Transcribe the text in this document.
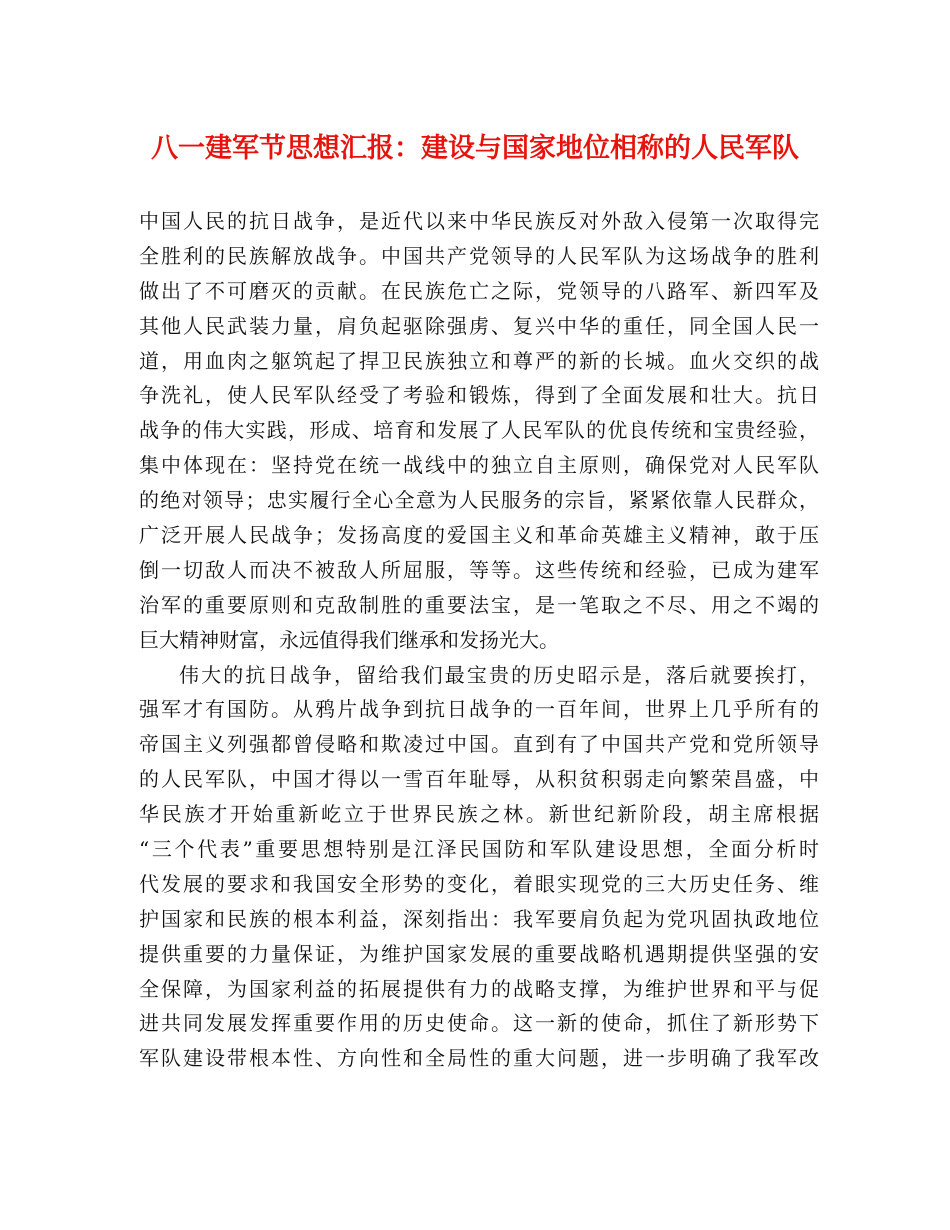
八一建军节思想汇报：建设与国家地位相称的人民军队

中国人民的抗日战争，是近代以来中华民族反对外敌入侵第一次取得完
全胜利的民族解放战争。中国共产党领导的人民军队为这场战争的胜利
做出了不可磨灭的贡献。在民族危亡之际，党领导的八路军、新四军及
其他人民武装力量，肩负起驱除强虏、复兴中华的重任，同全国人民一
道，用血肉之躯筑起了捍卫民族独立和尊严的新的长城。血火交织的战
争洗礼，使人民军队经受了考验和锻炼，得到了全面发展和壮大。抗日
战争的伟大实践，形成、培育和发展了人民军队的优良传统和宝贵经验，
集中体现在：坚持党在统一战线中的独立自主原则，确保党对人民军队
的绝对领导；忠实履行全心全意为人民服务的宗旨，紧紧依靠人民群众，
广泛开展人民战争；发扬高度的爱国主义和革命英雄主义精神，敢于压
倒一切敌人而决不被敌人所屈服，等等。这些传统和经验，已成为建军
治军的重要原则和克敌制胜的重要法宝，是一笔取之不尽、用之不竭的
巨大精神财富，永远值得我们继承和发扬光大。

伟大的抗日战争，留给我们最宝贵的历史昭示是，落后就要挨打，
强军才有国防。从鸦片战争到抗日战争的一百年间，世界上几乎所有的
帝国主义列强都曾侵略和欺凌过中国。直到有了中国共产党和党所领导
的人民军队，中国才得以一雪百年耻辱，从积贫积弱走向繁荣昌盛，中
华民族才开始重新屹立于世界民族之林。新世纪新阶段，胡主席根据
“三个代表”重要思想特别是江泽民国防和军队建设思想，全面分析时
代发展的要求和我国安全形势的变化，着眼实现党的三大历史任务、维
护国家和民族的根本利益，深刻指出：我军要肩负起为党巩固执政地位
提供重要的力量保证，为维护国家发展的重要战略机遇期提供坚强的安
全保障，为国家利益的拓展提供有力的战略支撑，为维护世界和平与促
进共同发展发挥重要作用的历史使命。这一新的使命，抓住了新形势下
军队建设带根本性、方向性和全局性的重大问题，进一步明确了我军改
